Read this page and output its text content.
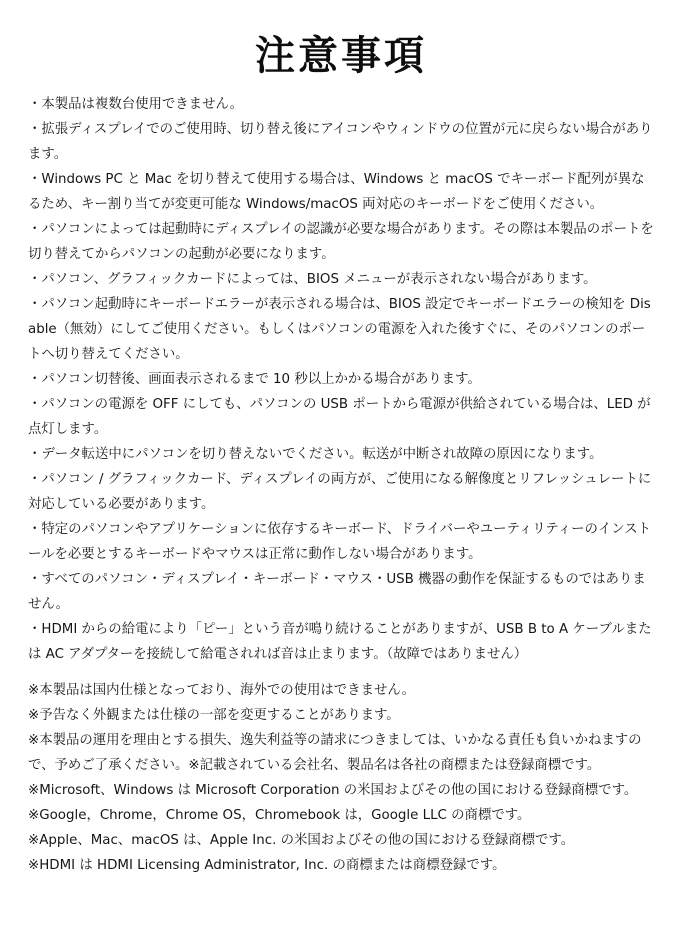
注意事項
・本製品は複数台使用できません。
・拡張ディスプレイでのご使用時、切り替え後にアイコンやウィンドウの位置が元に戻らない場合があります。
・Windows PC と Mac を切り替えて使用する場合は、Windows と macOS でキーボード配列が異なるため、キー割り当てが変更可能な Windows/macOS 両対応のキーボードをご使用ください。
・パソコンによっては起動時にディスプレイの認識が必要な場合があります。その際は本製品のポートを切り替えてからパソコンの起動が必要になります。
・パソコン、グラフィックカードによっては、BIOS メニューが表示されない場合があります。
・パソコン起動時にキーボードエラーが表示される場合は、BIOS 設定でキーボードエラーの検知を Disable（無効）にしてご使用ください。もしくはパソコンの電源を入れた後すぐに、そのパソコンのポートへ切り替えてください。
・パソコン切替後、画面表示されるまで 10 秒以上かかる場合があります。
・パソコンの電源を OFF にしても、パソコンの USB ポートから電源が供給されている場合は、LED が点灯します。
・データ転送中にパソコンを切り替えないでください。転送が中断され故障の原因になります。
・パソコン / グラフィックカード、ディスプレイの両方が、ご使用になる解像度とリフレッシュレートに対応している必要があります。
・特定のパソコンやアプリケーションに依存するキーボード、ドライバーやユーティリティーのインストールを必要とするキーボードやマウスは正常に動作しない場合があります。
・すべてのパソコン・ディスプレイ・キーボード・マウス・USB 機器の動作を保証するものではありません。
・HDMI からの給電により「ピー」という音が鳴り続けることがありますが、USB B to A ケーブルまたは AC アダプターを接続して給電されれば音は止まります。（故障ではありません）
※本製品は国内仕様となっており、海外での使用はできません。
※予告なく外観または仕様の一部を変更することがあります。
※本製品の運用を理由とする損失、逸失利益等の請求につきましては、いかなる責任も負いかねますので、予めご了承ください。※記載されている会社名、製品名は各社の商標または登録商標です。
※Microsoft、Windows は Microsoft Corporation の米国およびその他の国における登録商標です。
※Google，Chrome，Chrome OS，Chromebook は，Google LLC の商標です。
※Apple、Mac、macOS は、Apple Inc. の米国およびその他の国における登録商標です。
※HDMI は HDMI Licensing Administrator, Inc. の商標または商標登録です。
